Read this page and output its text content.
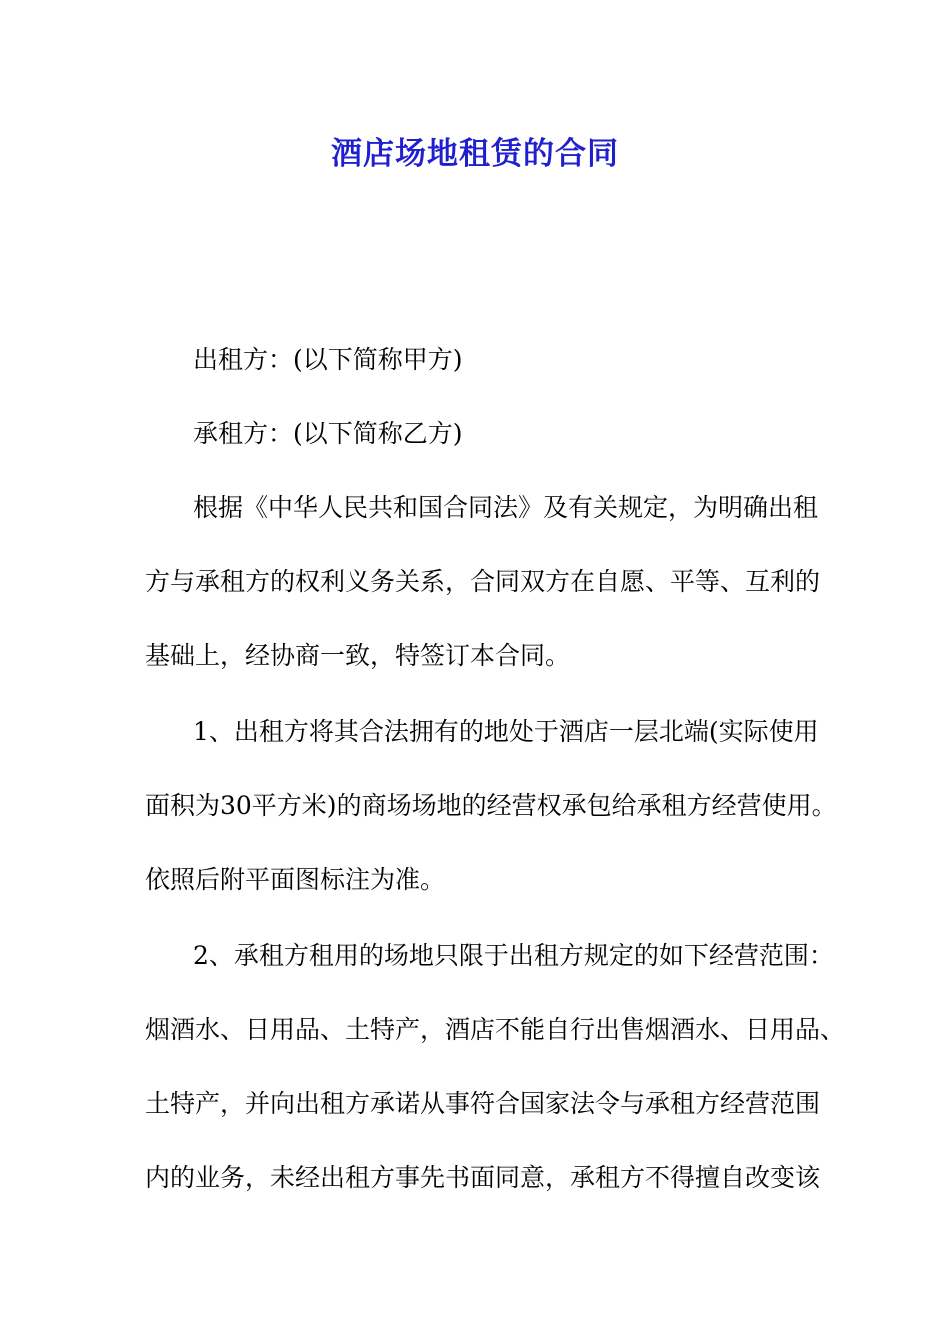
酒店场地租赁的合同
出租方：(以下简称甲方)
承租方：(以下简称乙方)
根据《中华人民共和国合同法》及有关规定，为明确出租
方与承租方的权利义务关系，合同双方在自愿、平等、互利的
基础上，经协商一致，特签订本合同。
1、出租方将其合法拥有的地处于酒店一层北端(实际使用
面积为30平方米)的商场场地的经营权承包给承租方经营使用。
依照后附平面图标注为准。
2、承租方租用的场地只限于出租方规定的如下经营范围：
烟酒水、日用品、土特产，酒店不能自行出售烟酒水、日用品、
土特产，并向出租方承诺从事符合国家法令与承租方经营范围
内的业务，未经出租方事先书面同意，承租方不得擅自改变该
